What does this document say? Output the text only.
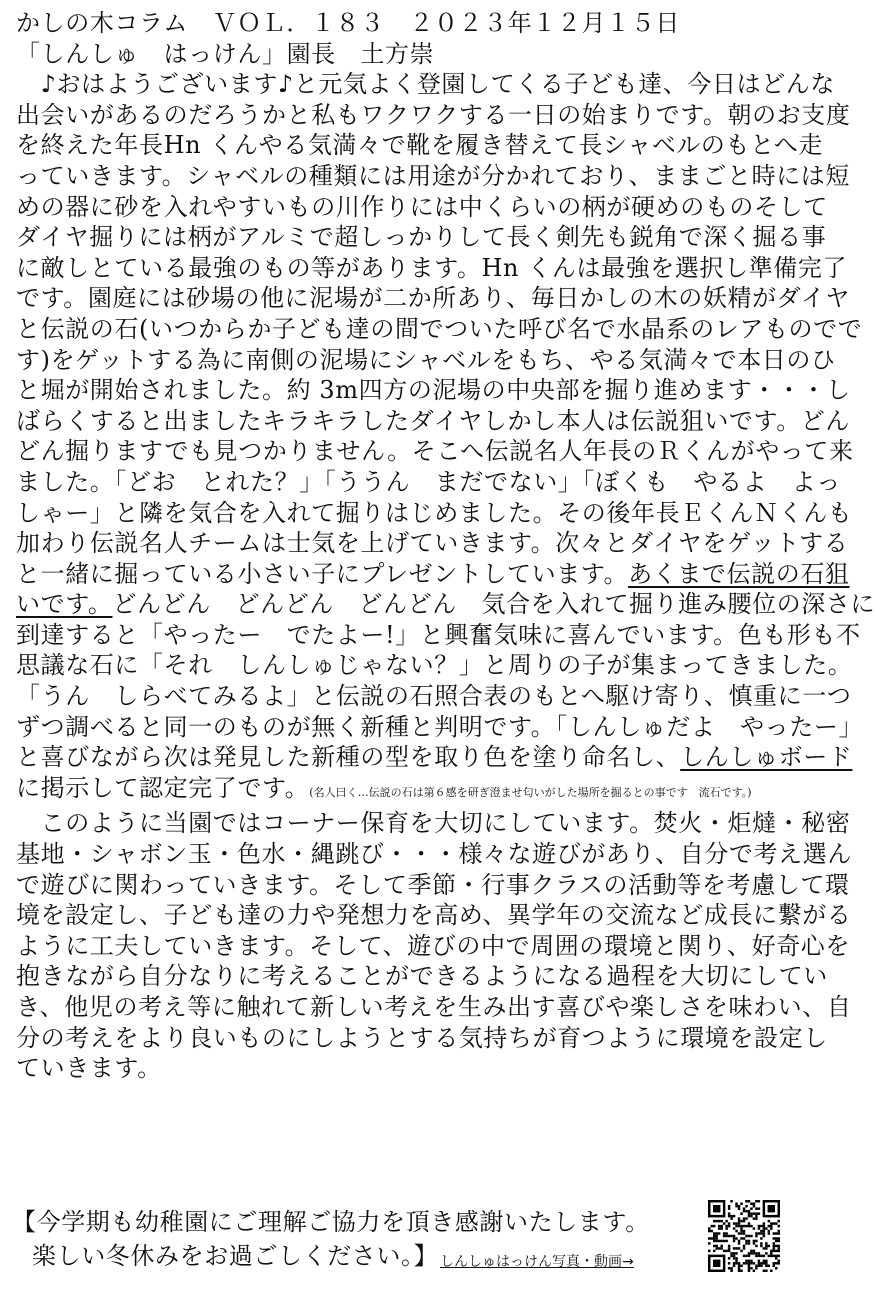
かしの木コラム　ＶＯＬ．１８３　２０２３年１２月１５日
「しんしゅ　はっけん」園長　土方崇
　♪おはようございます♪と元気よく登園してくる子ども達、今日はどんな
出会いがあるのだろうかと私もワクワクする一日の始まりです。朝のお支度
を終えた年長Hn くんやる気満々で靴を履き替えて長シャベルのもとへ走
っていきます。シャベルの種類には用途が分かれており、ままごと時には短
めの器に砂を入れやすいもの川作りには中くらいの柄が硬めのものそして
ダイヤ掘りには柄がアルミで超しっかりして長く剣先も鋭角で深く掘る事
に敵しとている最強のもの等があります。Hn くんは最強を選択し準備完了
です。園庭には砂場の他に泥場が二か所あり、毎日かしの木の妖精がダイヤ
と伝説の石(いつからか子ども達の間でついた呼び名で水晶系のレアものでで
す)をゲットする為に南側の泥場にシャベルをもち、やる気満々で本日のひ
と堀が開始されました。約 3m四方の泥場の中央部を掘り進めます・・・し
ばらくすると出ましたキラキラしたダイヤしかし本人は伝説狙いです。どん
どん掘りますでも見つかりません。そこへ伝説名人年長のＲくんがやって来
ました。「どお　とれた？」「ううん　まだでない」「ぼくも　やるよ　よっ
しゃー」と隣を気合を入れて掘りはじめました。その後年長ＥくんＮくんも
加わり伝説名人チームは士気を上げていきます。次々とダイヤをゲットする
と一緒に掘っている小さい子にプレゼントしています。あくまで伝説の石狙
いです。どんどん　どんどん　どんどん　気合を入れて掘り進み腰位の深さに
到達すると「やったー　でたよー!」と興奮気味に喜んでいます。色も形も不
思議な石に「それ　しんしゅじゃない？」と周りの子が集まってきました。
「うん　しらべてみるよ」と伝説の石照合表のもとへ駆け寄り、慎重に一つ
ずつ調べると同一のものが無く新種と判明です。「しんしゅだよ　やったー」
と喜びながら次は発見した新種の型を取り色を塗り命名し、しんしゅボード
に掲示して認定完了です。(名人曰く…伝説の石は第６感を研ぎ澄ませ匂いがした場所を掘るとの事です　流石です。)
　このように当園ではコーナー保育を大切にしています。焚火・炬燵・秘密
基地・シャボン玉・色水・縄跳び・・・様々な遊びがあり、自分で考え選ん
で遊びに関わっていきます。そして季節・行事クラスの活動等を考慮して環
境を設定し、子ども達の力や発想力を高め、異学年の交流など成長に繋がる
ように工夫していきます。そして、遊びの中で周囲の環境と関り、好奇心を
抱きながら自分なりに考えることができるようになる過程を大切にしてい
き、他児の考え等に触れて新しい考えを生み出す喜びや楽しさを味わい、自
分の考えをより良いものにしようとする気持ちが育つように環境を設定し
ていきます。
【今学期も幼稚園にご理解ご協力を頂き感謝いたします。
楽しい冬休みをお過ごしください。】 しんしゅはっけん写真・動画→
